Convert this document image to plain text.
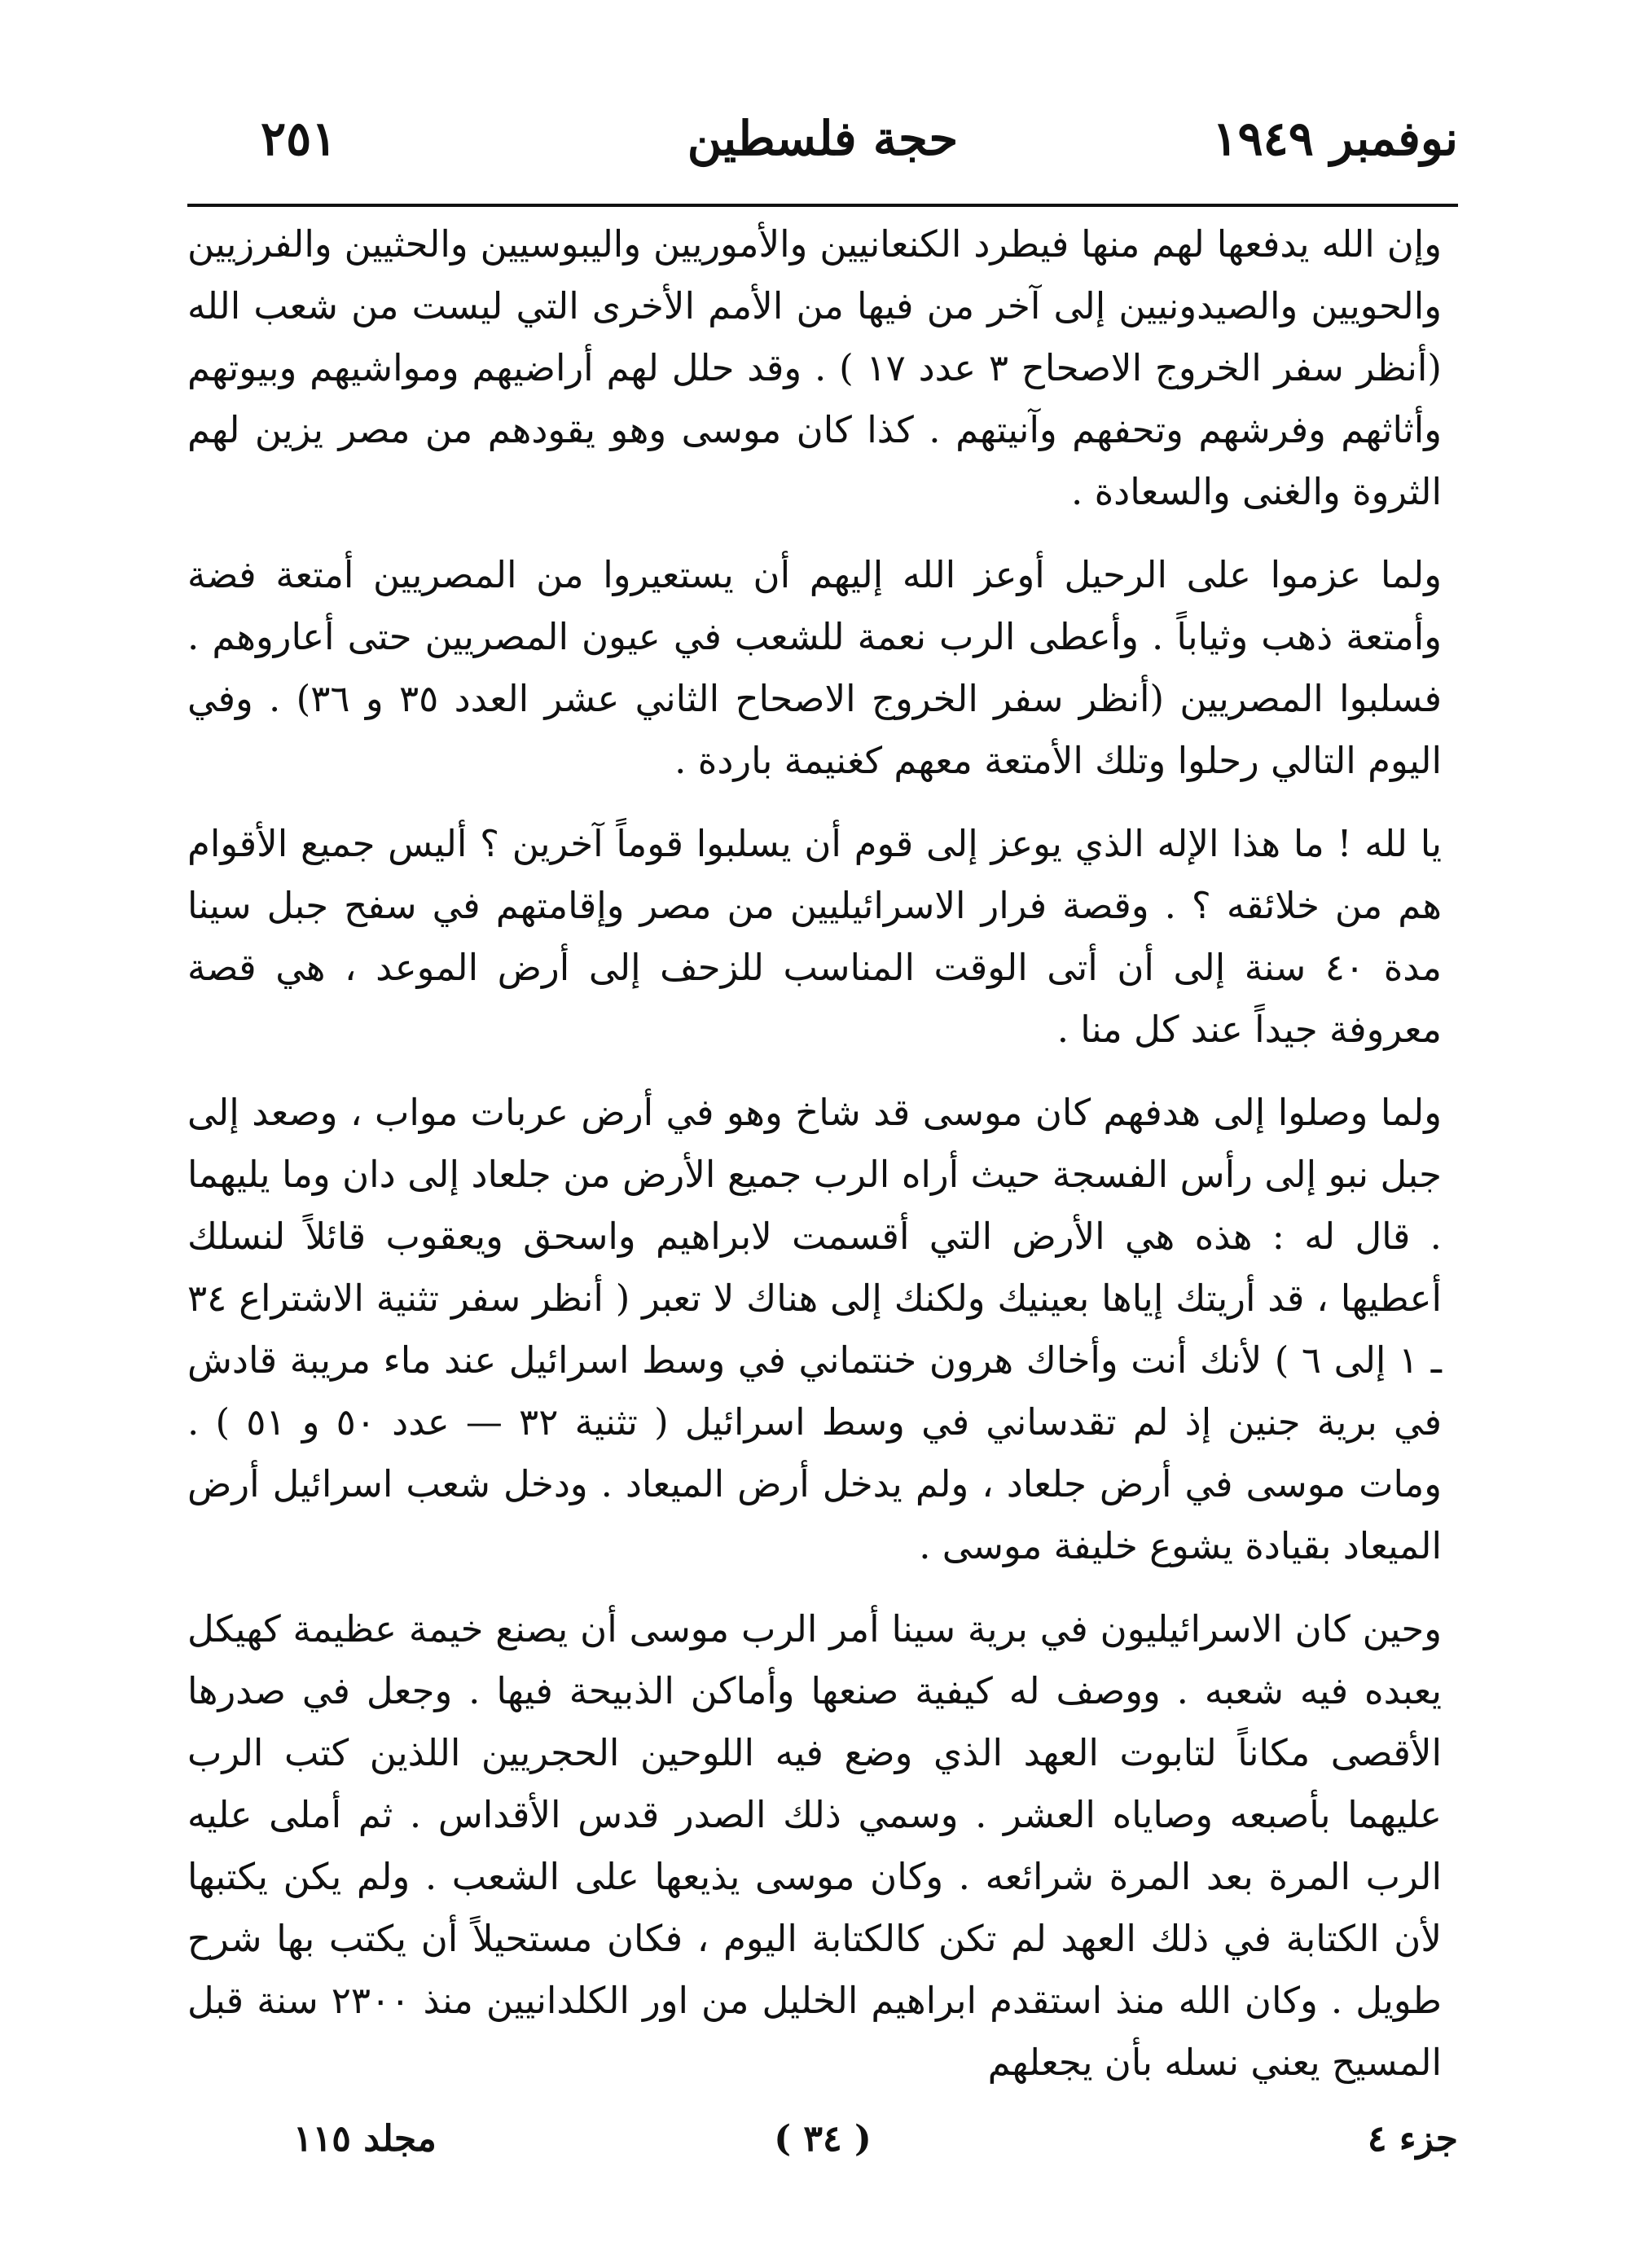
نوفمبر ١٩٤٩
حجة فلسطين
٢٥١

وإن الله يدفعها لهم منها فيطرد الكنعانيين والأموريين واليبوسيين والحثيين والفرزيين والحويين والصيدونيين إلى آخر من فيها من الأمم الأخرى التي ليست من شعب الله (أنظر سفر الخروج الاصحاح ٣ عدد ١٧ ) . وقد حلل لهم أراضيهم ومواشيهم وبيوتهم وأثاثهم وفرشهم وتحفهم وآنيتهم . كذا كان موسى وهو يقودهم من مصر يزين لهم الثروة والغنى والسعادة .

ولما عزموا على الرحيل أوعز الله إليهم أن يستعيروا من المصريين أمتعة فضة وأمتعة ذهب وثياباً . وأعطى الرب نعمة للشعب في عيون المصريين حتى أعاروهم . فسلبوا المصريين (أنظر سفر الخروج الاصحاح الثاني عشر العدد ٣٥ و ٣٦) . وفي اليوم التالي رحلوا وتلك الأمتعة معهم كغنيمة باردة .

يا لله ! ما هذا الإله الذي يوعز إلى قوم أن يسلبوا قوماً آخرين ؟ أليس جميع الأقوام هم من خلائقه ؟ . وقصة فرار الاسرائيليين من مصر وإقامتهم في سفح جبل سينا مدة ٤٠ سنة إلى أن أتى الوقت المناسب للزحف إلى أرض الموعد ، هي قصة معروفة جيداً عند كل منا .

ولما وصلوا إلى هدفهم كان موسى قد شاخ وهو في أرض عربات مواب ، وصعد إلى جبل نبو إلى رأس الفسجة حيث أراه الرب جميع الأرض من جلعاد إلى دان وما يليهما . قال له : هذه هي الأرض التي أقسمت لابراهيم واسحق ويعقوب قائلاً لنسلك أعطيها ، قد أريتك إياها بعينيك ولكنك إلى هناك لا تعبر ( أنظر سفر تثنية الاشتراع ٣٤ ـ ١ إلى ٦ ) لأنك أنت وأخاك هرون خنتماني في وسط اسرائيل عند ماء مريبة قادش في برية جنين إذ لم تقدساني في وسط اسرائيل ( تثنية ٣٢ — عدد ٥٠ و ٥١ ) . ومات موسى في أرض جلعاد ، ولم يدخل أرض الميعاد . ودخل شعب اسرائيل أرض الميعاد بقيادة يشوع خليفة موسى .

وحين كان الاسرائيليون في برية سينا أمر الرب موسى أن يصنع خيمة عظيمة كهيكل يعبده فيه شعبه . ووصف له كيفية صنعها وأماكن الذبيحة فيها . وجعل في صدرها الأقصى مكاناً لتابوت العهد الذي وضع فيه اللوحين الحجريين اللذين كتب الرب عليهما بأصبعه وصاياه العشر . وسمي ذلك الصدر قدس الأقداس . ثم أملى عليه الرب المرة بعد المرة شرائعه . وكان موسى يذيعها على الشعب . ولم يكن يكتبها لأن الكتابة في ذلك العهد لم تكن كالكتابة اليوم ، فكان مستحيلاً أن يكتب بها شرح طويل . وكان الله منذ استقدم ابراهيم الخليل من اور الكلدانيين منذ ٢٣٠٠ سنة قبل المسيح يعني نسله بأن يجعلهم

جزء ٤
( ٣٤ )
مجلد ١١٥
